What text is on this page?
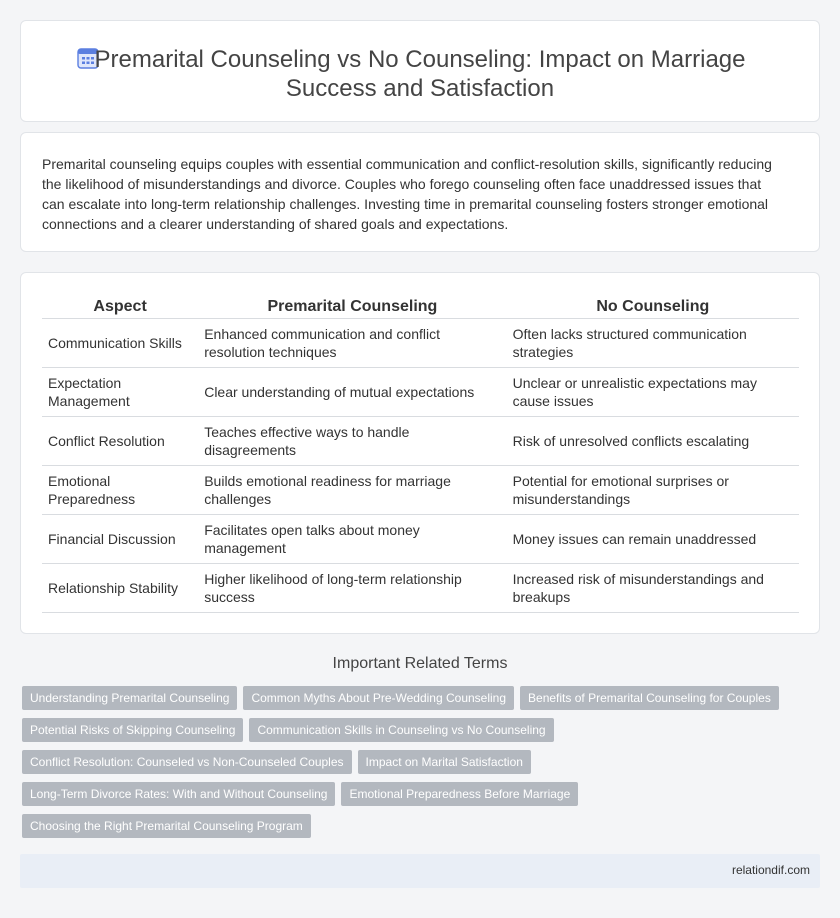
Premarital Counseling vs No Counseling: Impact on Marriage Success and Satisfaction

Premarital counseling equips couples with essential communication and conflict-resolution skills, significantly reducing the likelihood of misunderstandings and divorce. Couples who forego counseling often face unaddressed issues that can escalate into long-term relationship challenges. Investing time in premarital counseling fosters stronger emotional connections and a clearer understanding of shared goals and expectations.

Aspect	Premarital Counseling	No Counseling
Communication Skills	Enhanced communication and conflict resolution techniques	Often lacks structured communication strategies
Expectation Management	Clear understanding of mutual expectations	Unclear or unrealistic expectations may cause issues
Conflict Resolution	Teaches effective ways to handle disagreements	Risk of unresolved conflicts escalating
Emotional Preparedness	Builds emotional readiness for marriage challenges	Potential for emotional surprises or misunderstandings
Financial Discussion	Facilitates open talks about money management	Money issues can remain unaddressed
Relationship Stability	Higher likelihood of long-term relationship success	Increased risk of misunderstandings and breakups
Important Related Terms
Understanding Premarital Counseling	Common Myths About Pre-Wedding Counseling	Benefits of Premarital Counseling for Couples
Potential Risks of Skipping Counseling	Communication Skills in Counseling vs No Counseling
Conflict Resolution: Counseled vs Non-Counseled Couples	Impact on Marital Satisfaction
Long-Term Divorce Rates: With and Without Counseling	Emotional Preparedness Before Marriage
Choosing the Right Premarital Counseling Program
relationdif.com
